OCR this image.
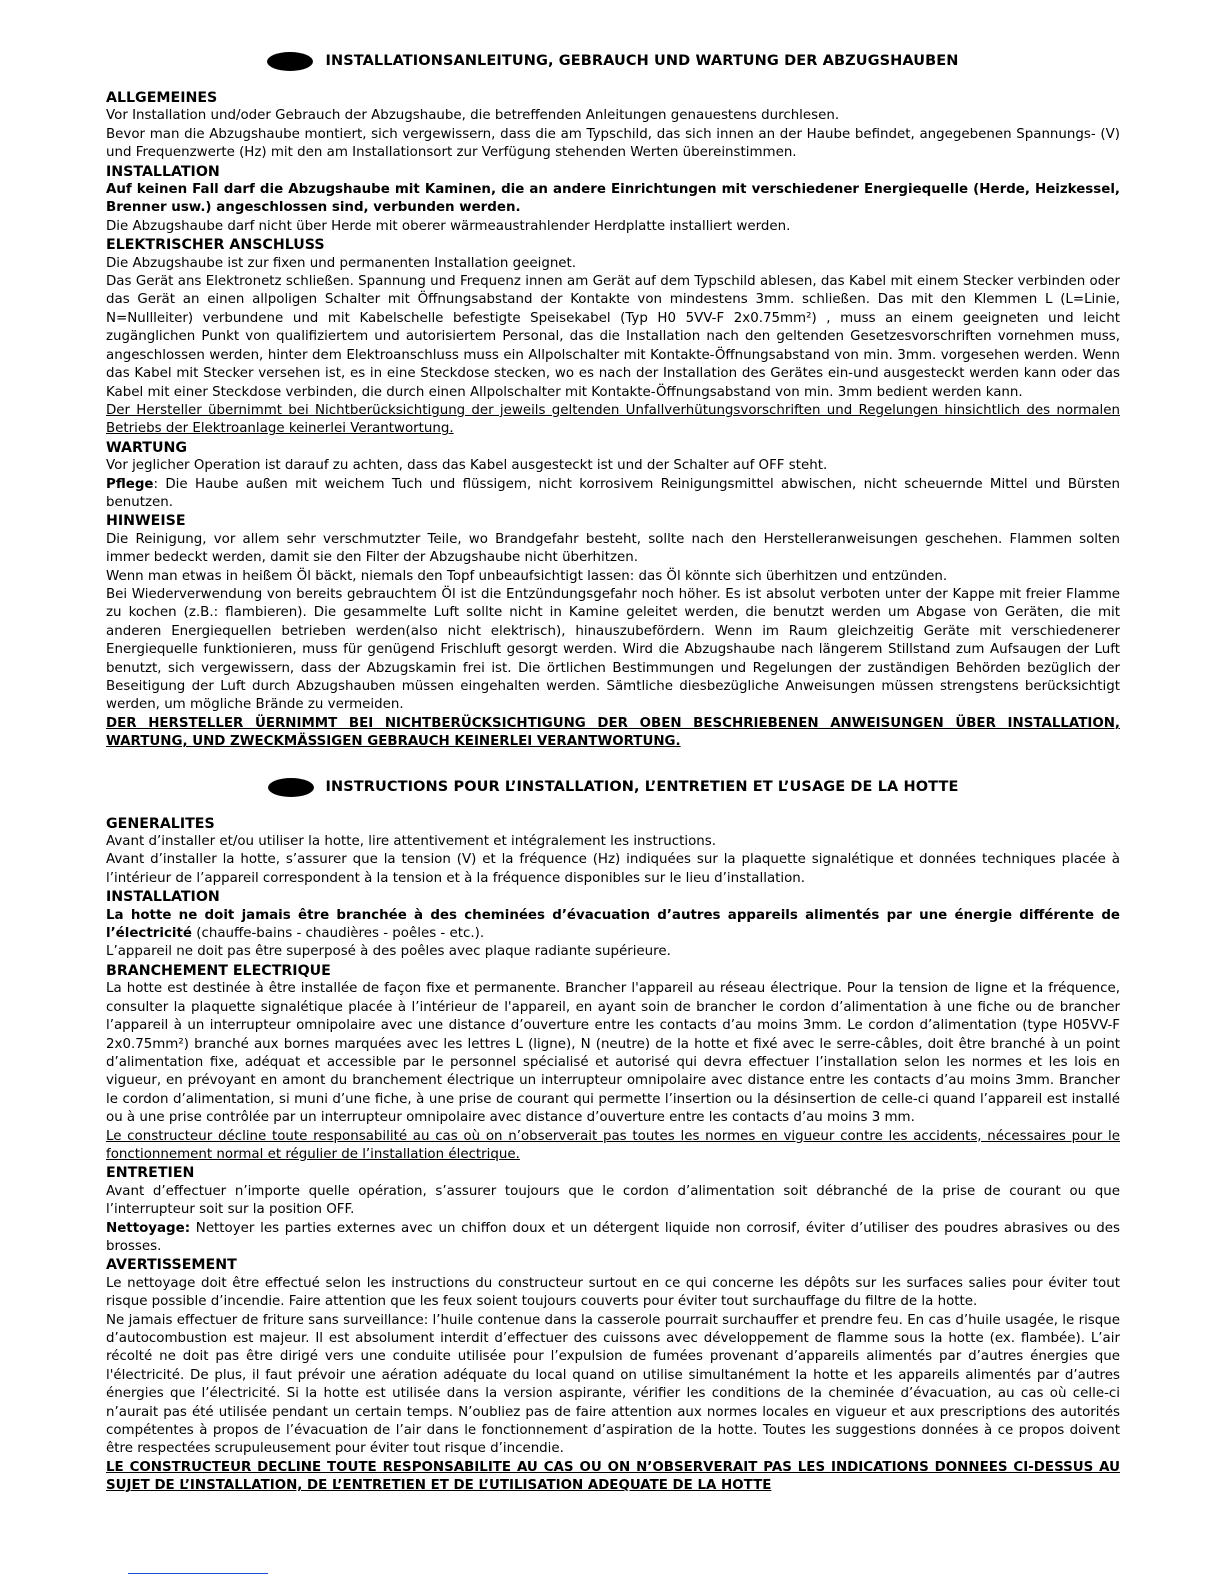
INSTALLATIONSANLEITUNG, GEBRAUCH UND WARTUNG DER ABZUGSHAUBEN
ALLGEMEINES

Vor Installation und/oder Gebrauch der Abzugshaube, die betreffenden Anleitungen genauestens durchlesen.

Bevor man die Abzugshaube montiert, sich vergewissern, dass die am Typschild, das sich innen an der Haube befindet, angegebenen Spannungs- (V) und Frequenzwerte (Hz) mit den am Installationsort zur Verfügung stehenden Werten übereinstimmen.

INSTALLATION

Auf keinen Fall darf die Abzugshaube mit Kaminen, die an andere Einrichtungen mit verschiedener Energiequelle (Herde, Heizkessel, Brenner usw.) angeschlossen sind, verbunden werden.

Die Abzugshaube darf nicht über Herde mit oberer wärmeaustrahlender Herdplatte installiert werden.

ELEKTRISCHER ANSCHLUSS

Die Abzugshaube ist zur fixen und permanenten Installation geeignet.

Das Gerät ans Elektronetz schließen. Spannung und Frequenz innen am Gerät auf dem Typschild ablesen, das Kabel mit einem Stecker verbinden oder das Gerät an einen allpoligen Schalter mit Öffnungsabstand der Kontakte von mindestens 3mm. schließen. Das mit den Klemmen L (L=Linie, N=Nullleiter) verbundene und mit Kabelschelle befestigte Speisekabel (Typ H0 5VV-F 2x0.75mm²) , muss an einem geeigneten und leicht zugänglichen Punkt von qualifiziertem und autorisiertem Personal, das die Installation nach den geltenden Gesetzesvorschriften vornehmen muss, angeschlossen werden, hinter dem Elektroanschluss muss ein Allpolschalter mit Kontakte-Öffnungsabstand von min. 3mm. vorgesehen werden. Wenn das Kabel mit Stecker versehen ist, es in eine Steckdose stecken, wo es nach der Installation des Gerätes ein-und ausgesteckt werden kann oder das Kabel mit einer Steckdose verbinden, die durch einen Allpolschalter mit Kontakte-Öffnungsabstand von min. 3mm bedient werden kann.

Der Hersteller übernimmt bei Nichtberücksichtigung der jeweils geltenden Unfallverhütungsvorschriften und Regelungen hinsichtlich des normalen Betriebs der Elektroanlage keinerlei Verantwortung.

WARTUNG

Vor jeglicher Operation ist darauf zu achten, dass das Kabel ausgesteckt ist und der Schalter auf OFF steht.

Pflege: Die Haube außen mit weichem Tuch und flüssigem, nicht korrosivem Reinigungsmittel abwischen, nicht scheuernde Mittel und Bürsten benutzen.

HINWEISE

Die Reinigung, vor allem sehr verschmutzter Teile, wo Brandgefahr besteht, sollte nach den Herstelleranweisungen geschehen. Flammen solten immer bedeckt werden, damit sie den Filter der Abzugshaube nicht überhitzen.

Wenn man etwas in heißem Öl bäckt, niemals den Topf unbeaufsichtigt lassen: das Öl könnte sich überhitzen und entzünden.

Bei Wiederverwendung von bereits gebrauchtem Öl ist die Entzündungsgefahr noch höher. Es ist absolut verboten unter der Kappe mit freier Flamme zu kochen (z.B.: flambieren). Die gesammelte Luft sollte nicht in Kamine geleitet werden, die benutzt werden um Abgase von Geräten, die mit anderen Energiequellen betrieben werden(also nicht elektrisch), hinauszubefördern. Wenn im Raum gleichzeitig Geräte mit verschiedenerer Energiequelle funktionieren, muss für genügend Frischluft gesorgt werden. Wird die Abzugshaube nach längerem Stillstand zum Aufsaugen der Luft benutzt, sich vergewissern, dass der Abzugskamin frei ist. Die örtlichen Bestimmungen und Regelungen der zuständigen Behörden bezüglich der Beseitigung der Luft durch Abzugshauben müssen eingehalten werden. Sämtliche diesbezügliche Anweisungen müssen strengstens berücksichtigt werden, um mögliche Brände zu vermeiden.

DER HERSTELLER ÜERNIMMT BEI NICHTBERÜCKSICHTIGUNG DER OBEN BESCHRIEBENEN ANWEISUNGEN ÜBER INSTALLATION, WARTUNG, UND ZWECKMÄSSIGEN GEBRAUCH KEINERLEI VERANTWORTUNG.

INSTRUCTIONS POUR L’INSTALLATION, L’ENTRETIEN ET L’USAGE DE LA HOTTE
GENERALITES

Avant d’installer et/ou utiliser la hotte, lire attentivement et intégralement les instructions.

Avant d’installer la hotte, s’assurer que la tension (V) et la fréquence (Hz) indiquées sur la plaquette signalétique et données techniques placée à l’intérieur de l’appareil correspondent à la tension et à la fréquence disponibles sur le lieu d’installation.

INSTALLATION

La hotte ne doit jamais être branchée à des cheminées d’évacuation d’autres appareils alimentés par une énergie différente de l’électricité (chauffe-bains - chaudières - poêles - etc.).

L’appareil ne doit pas être superposé à des poêles avec plaque radiante supérieure.

BRANCHEMENT ELECTRIQUE

La hotte est destinée à être installée de façon fixe et permanente. Brancher l'appareil au réseau électrique. Pour la tension de ligne et la fréquence, consulter la plaquette signalétique placée à l’intérieur de l'appareil, en ayant soin de brancher le cordon d’alimentation à une fiche ou de brancher l’appareil à un interrupteur omnipolaire avec une distance d’ouverture entre les contacts d’au moins 3mm. Le cordon d’alimentation (type H05VV-F 2x0.75mm²) branché aux bornes marquées avec les lettres L (ligne), N (neutre) de la hotte et fixé avec le serre-câbles, doit être branché à un point d’alimentation fixe, adéquat et accessible par le personnel spécialisé et autorisé qui devra effectuer l’installation selon les normes et les lois en vigueur, en prévoyant en amont du branchement électrique un interrupteur omnipolaire avec distance entre les contacts d’au moins 3mm. Brancher le cordon d’alimentation, si muni d’une fiche, à une prise de courant qui permette l’insertion ou la désinsertion de celle-ci quand l’appareil est installé ou à une prise contrôlée par un interrupteur omnipolaire avec distance d’ouverture entre les contacts d’au moins 3 mm.

Le constructeur décline toute responsabilité au cas où on n’observerait pas toutes les normes en vigueur contre les accidents, nécessaires pour le fonctionnement normal et régulier de l’installation électrique.

ENTRETIEN

Avant d’effectuer n’importe quelle opération, s’assurer toujours que le cordon d’alimentation soit débranché de la prise de courant ou que l’interrupteur soit sur la position OFF.

Nettoyage: Nettoyer les parties externes avec un chiffon doux et un détergent liquide non corrosif, éviter d’utiliser des poudres abrasives ou des brosses.

AVERTISSEMENT

Le nettoyage doit être effectué selon les instructions du constructeur surtout en ce qui concerne les dépôts sur les surfaces salies pour éviter tout risque possible d’incendie. Faire attention que les feux soient toujours couverts pour éviter tout surchauffage du filtre de la hotte.

Ne jamais effectuer de friture sans surveillance: l’huile contenue dans la casserole pourrait surchauffer et prendre feu. En cas d’huile usagée, le risque d’autocombustion est majeur. Il est absolument interdit d’effectuer des cuissons avec développement de flamme sous la hotte (ex. flambée). L’air récolté ne doit pas être dirigé vers une conduite utilisée pour l’expulsion de fumées provenant d’appareils alimentés par d’autres énergies que l'électricité. De plus, il faut prévoir une aération adéquate du local quand on utilise simultanément la hotte et les appareils alimentés par d’autres énergies que l’électricité. Si la hotte est utilisée dans la version aspirante, vérifier les conditions de la cheminée d’évacuation, au cas où celle-ci n’aurait pas été utilisée pendant un certain temps. N’oubliez pas de faire attention aux normes locales en vigueur et aux prescriptions des autorités compétentes à propos de l’évacuation de l’air dans le fonctionnement d’aspiration de la hotte. Toutes les suggestions données à ce propos doivent être respectées scrupuleusement pour éviter tout risque d’incendie.

LE CONSTRUCTEUR DECLINE TOUTE RESPONSABILITE AU CAS OU ON N’OBSERVERAIT PAS LES INDICATIONS DONNEES CI-DESSUS AU SUJET DE L’INSTALLATION, DE L’ENTRETIEN ET DE L’UTILISATION ADEQUATE DE LA HOTTE
